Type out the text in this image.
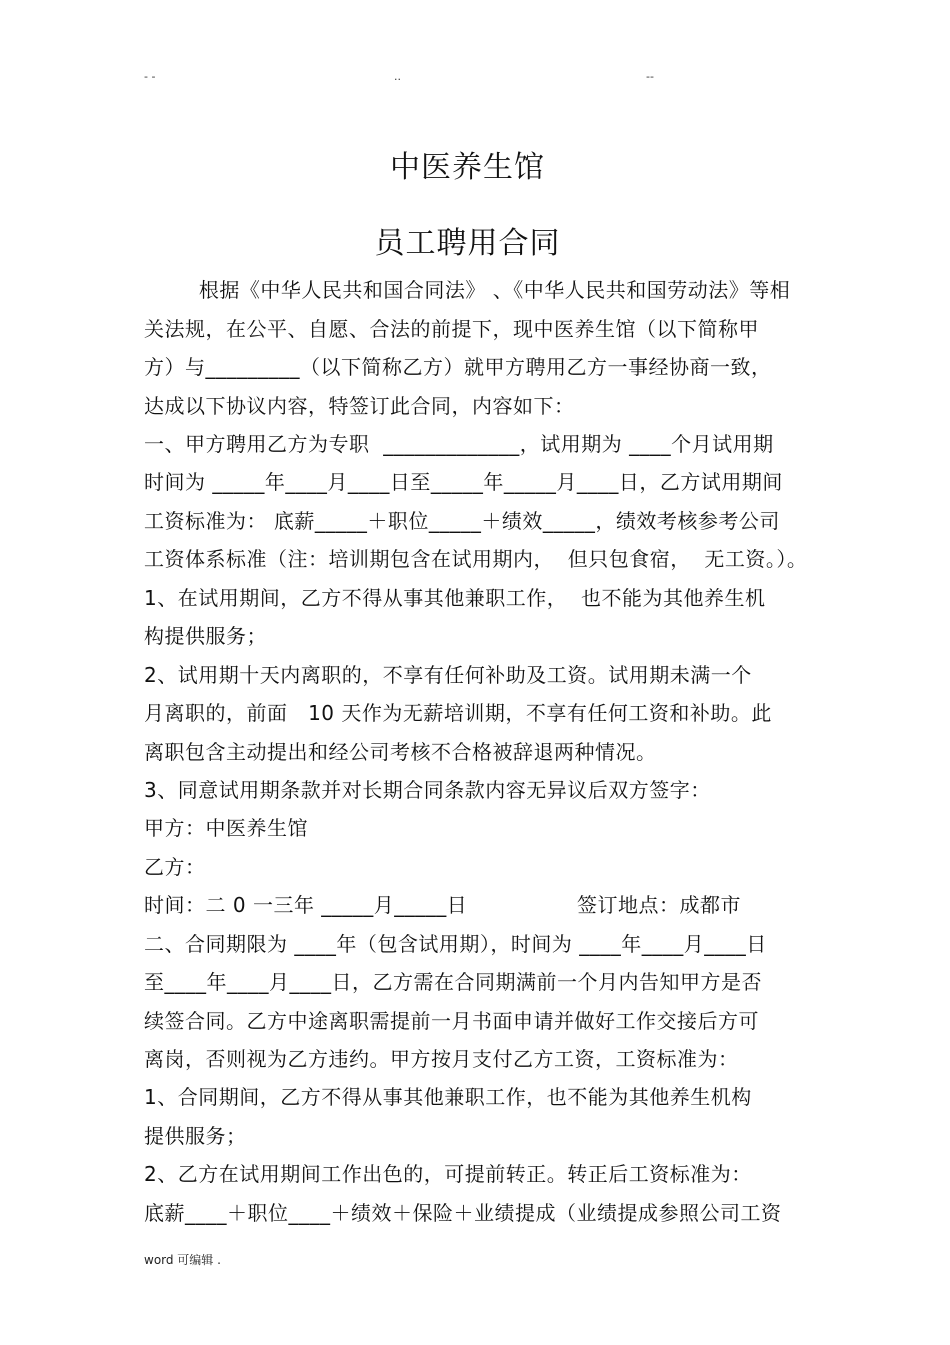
- -	..	--
中医养生馆
员工聘用合同
根据《中华人民共和国合同法》 、《中华人民共和国劳动法》等相
关法规，在公平、自愿、合法的前提下，现中医养生馆（以下简称甲
方）与_________（以下简称乙方）就甲方聘用乙方一事经协商一致，
达成以下协议内容，特签订此合同，内容如下：
一、甲方聘用乙方为专职  _____________，试用期为 ____个月试用期
时间为 _____年____月____日至_____年_____月____日，乙方试用期间
工资标准为： 底薪_____＋职位_____＋绩效_____，绩效考核参考公司
工资体系标准（注：培训期包含在试用期内，  但只包食宿，  无工资。）。
1、在试用期间，乙方不得从事其他兼职工作，  也不能为其他养生机
构提供服务；
2、试用期十天内离职的，不享有任何补助及工资。试用期未满一个
月离职的，前面   10 天作为无薪培训期，不享有任何工资和补助。此
离职包含主动提出和经公司考核不合格被辞退两种情况。
3、同意试用期条款并对长期合同条款内容无异议后双方签字：
甲方：中医养生馆
乙方：
时间：二 0 一三年 _____月_____日                签订地点：成都市
二、合同期限为 ____年（包含试用期），时间为 ____年____月____日
至____年____月____日，乙方需在合同期满前一个月内告知甲方是否
续签合同。乙方中途离职需提前一月书面申请并做好工作交接后方可
离岗，否则视为乙方违约。甲方按月支付乙方工资，工资标准为：
1、合同期间，乙方不得从事其他兼职工作，也不能为其他养生机构
提供服务；
2、乙方在试用期间工作出色的，可提前转正。转正后工资标准为：
底薪____＋职位____＋绩效＋保险＋业绩提成（业绩提成参照公司工资
word 可编辑 .
